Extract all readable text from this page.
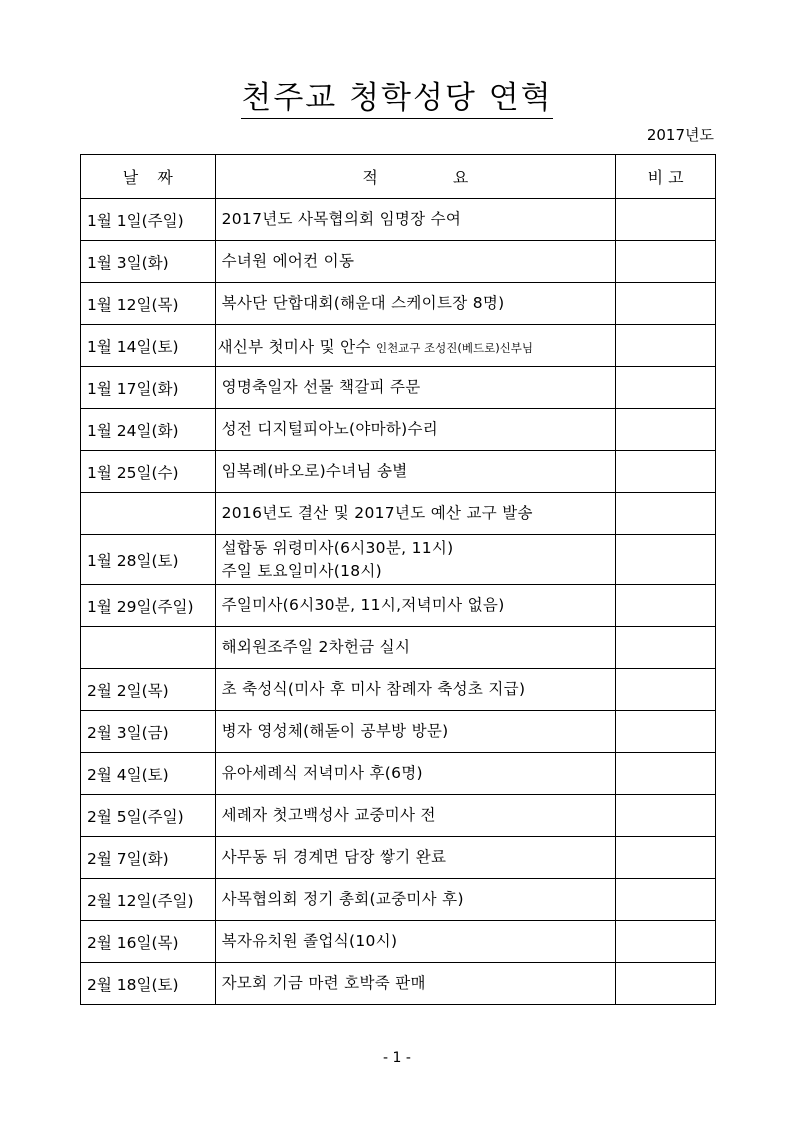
천주교 청학성당 연혁
2017년도
날 짜	적 요	비 고
1월 1일(주일)	2017년도 사목협의회 임명장 수여	

1월 3일(화)	수녀원 에어컨 이동	

1월 12일(목)	복사단 단합대회(해운대 스케이트장 8명)	

1월 14일(토)	새신부 첫미사 및 안수 인천교구 조성진(베드로)신부님	
1월 17일(화)	영명축일자 선물 책갈피 주문	

1월 24일(화)	성전 디지털피아노(야마하)수리	

1월 25일(수)	임복례(바오로)수녀님 송별	

	2016년도 결산 및 2017년도 예산 교구 발송	

1월 28일(토)	설합동 위령미사(6시30분, 11시)
주일 토요일미사(18시)	

1월 29일(주일)	주일미사(6시30분, 11시,저녁미사 없음)	

	해외원조주일 2차헌금 실시	

2월 2일(목)	초 축성식(미사 후 미사 참례자 축성초 지급)	

2월 3일(금)	병자 영성체(해돋이 공부방 방문)	

2월 4일(토)	유아세례식 저녁미사 후(6명)	

2월 5일(주일)	세례자 첫고백성사 교중미사 전	

2월 7일(화)	사무동 뒤 경계면 담장 쌓기 완료	

2월 12일(주일)	사목협의회 정기 총회(교중미사 후)	

2월 16일(목)	복자유치원 졸업식(10시)	

2월 18일(토)	자모회 기금 마련 호박죽 판매	

- 1 -
